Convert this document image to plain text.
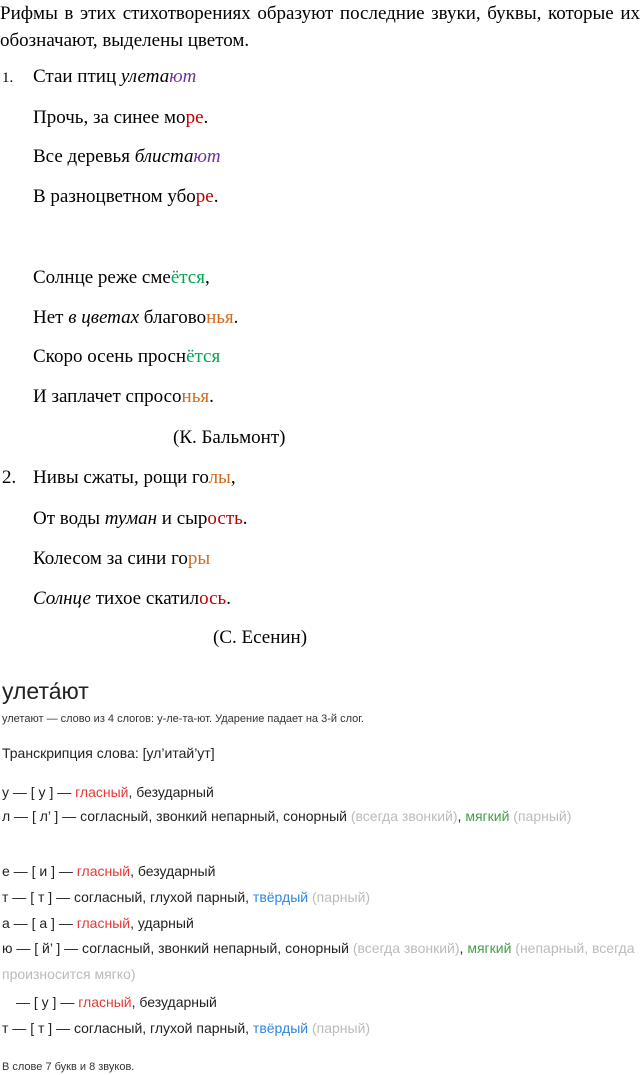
Рифмы в этих стихотворениях образуют последние звуки, буквы, которые их обозначают, выделены цветом.

1. Стаи птиц улетают
Прочь, за синее море.
Все деревья блистают
В разноцветном уборе.
Солнце реже смеётся,
Нет в цветах благовонья.
Скоро осень проснётся
И заплачет спросонья.
(К. Бальмонт)
2. Нивы сжаты, рощи голы,
От воды туман и сырость.
Колесом за сини горы
Солнце тихое скатилось.
(С. Есенин)
улета́ют
улетают — слово из 4 слогов: у-ле-та-ют. Ударение падает на 3-й слог.
Транскрипция слова: [ул’итай’ут]
у — [ у ] — гласный, безударный
л — [ л’ ] — согласный, звонкий непарный, сонорный (всегда звонкий), мягкий (парный)
е — [ и ] — гласный, безударный
т — [ т ] — согласный, глухой парный, твёрдый (парный)
а — [ а ] — гласный, ударный
ю — [ й’ ] — согласный, звонкий непарный, сонорный (всегда звонкий), мягкий (непарный, всегда произносится мягко)
— [ у ] — гласный, безударный
т — [ т ] — согласный, глухой парный, твёрдый (парный)
В слове 7 букв и 8 звуков.
